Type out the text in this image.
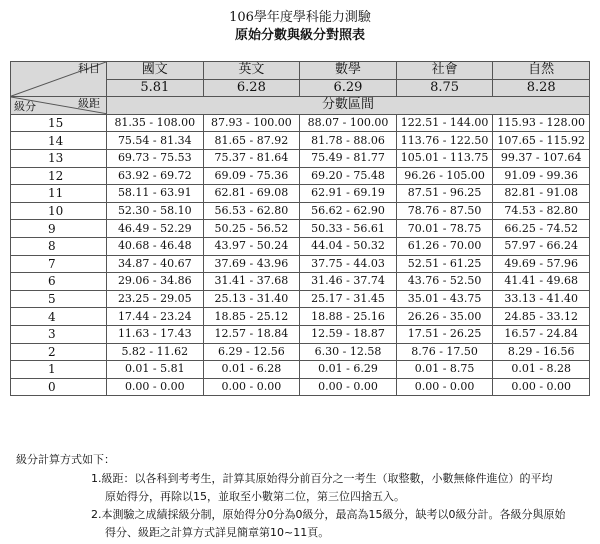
106學年度學科能力測驗
原始分數與級分對照表
科目	國文	英文	數學	社會	自然
	5.81	6.28	6.29	8.75	8.28

級分 級距	分數區間				
15	81.35 - 108.00	87.93 - 100.00	88.07 - 100.00	122.51 - 144.00	115.93 - 128.00
14	75.54 - 81.34	81.65 - 87.92	81.78 - 88.06	113.76 - 122.50	107.65 - 115.92
13	69.73 - 75.53	75.37 - 81.64	75.49 - 81.77	105.01 - 113.75	99.37 - 107.64
12	63.92 - 69.72	69.09 - 75.36	69.20 - 75.48	96.26 - 105.00	91.09 - 99.36
11	58.11 - 63.91	62.81 - 69.08	62.91 - 69.19	87.51 - 96.25	82.81 - 91.08
10	52.30 - 58.10	56.53 - 62.80	56.62 - 62.90	78.76 - 87.50	74.53 - 82.80
9	46.49 - 52.29	50.25 - 56.52	50.33 - 56.61	70.01 - 78.75	66.25 - 74.52
8	40.68 - 46.48	43.97 - 50.24	44.04 - 50.32	61.26 - 70.00	57.97 - 66.24
7	34.87 - 40.67	37.69 - 43.96	37.75 - 44.03	52.51 - 61.25	49.69 - 57.96
6	29.06 - 34.86	31.41 - 37.68	31.46 - 37.74	43.76 - 52.50	41.41 - 49.68
5	23.25 - 29.05	25.13 - 31.40	25.17 - 31.45	35.01 - 43.75	33.13 - 41.40
4	17.44 - 23.24	18.85 - 25.12	18.88 - 25.16	26.26 - 35.00	24.85 - 33.12
3	11.63 - 17.43	12.57 - 18.84	12.59 - 18.87	17.51 - 26.25	16.57 - 24.84
2	5.82 - 11.62	6.29 - 12.56	6.30 - 12.58	8.76 - 17.50	8.29 - 16.56
1	0.01 - 5.81	0.01 - 6.28	0.01 - 6.29	0.01 - 8.75	0.01 - 8.28
0	0.00 - 0.00	0.00 - 0.00	0.00 - 0.00	0.00 - 0.00	0.00 - 0.00
級分計算方式如下：
1.級距：以各科到考考生，計算其原始得分前百分之一考生（取整數，小數無條件進位）的平均
原始得分，再除以15，並取至小數第二位，第三位四捨五入。
2.本測驗之成績採級分制，原始得分0分為0級分，最高為15級分，缺考以0級分計。各級分與原始
得分、級距之計算方式詳見簡章第10~11頁。
